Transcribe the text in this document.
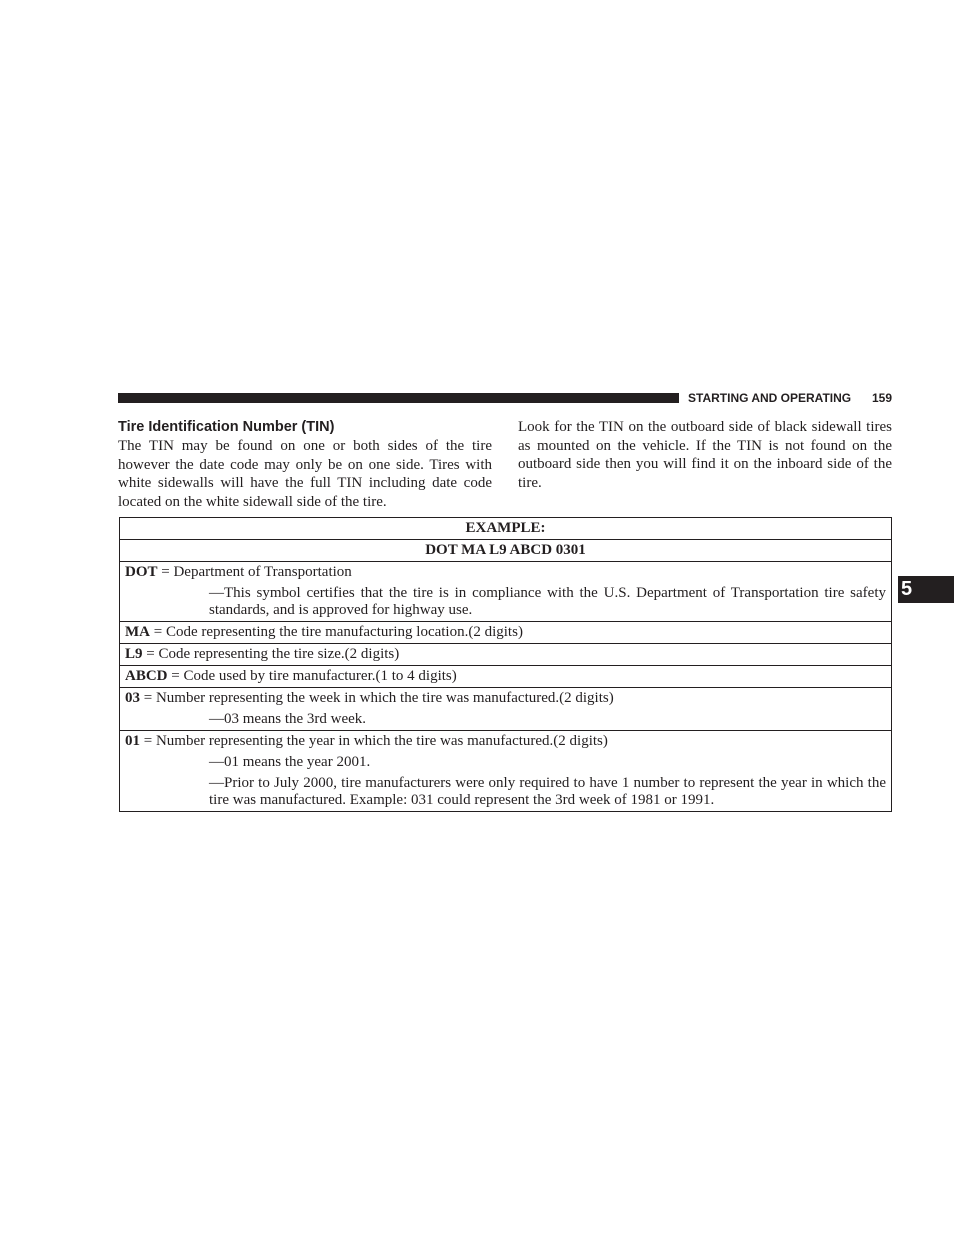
STARTING AND OPERATING 159
Tire Identification Number (TIN)

The TIN may be found on one or both sides of the tire however the date code may only be on one side. Tires with white sidewalls will have the full TIN including date code located on the white sidewall side of the tire.

Look for the TIN on the outboard side of black sidewall tires as mounted on the vehicle. If the TIN is not found on the outboard side then you will find it on the inboard side of the tire.

5
EXAMPLE:
DOT MA L9 ABCD 0301

DOT = Department of Transportation
—This symbol certifies that the tire is in compliance with the U.S. Department of Transportation tire safety standards, and is approved for highway use.

MA = Code representing the tire manufacturing location.(2 digits)

L9 = Code representing the tire size.(2 digits)

ABCD = Code used by tire manufacturer.(1 to 4 digits)

03 = Number representing the week in which the tire was manufactured.(2 digits)
—03 means the 3rd week.

01 = Number representing the year in which the tire was manufactured.(2 digits)
—01 means the year 2001.
—Prior to July 2000, tire manufacturers were only required to have 1 number to represent the year in which the tire was manufactured. Example: 031 could represent the 3rd week of 1981 or 1991.
